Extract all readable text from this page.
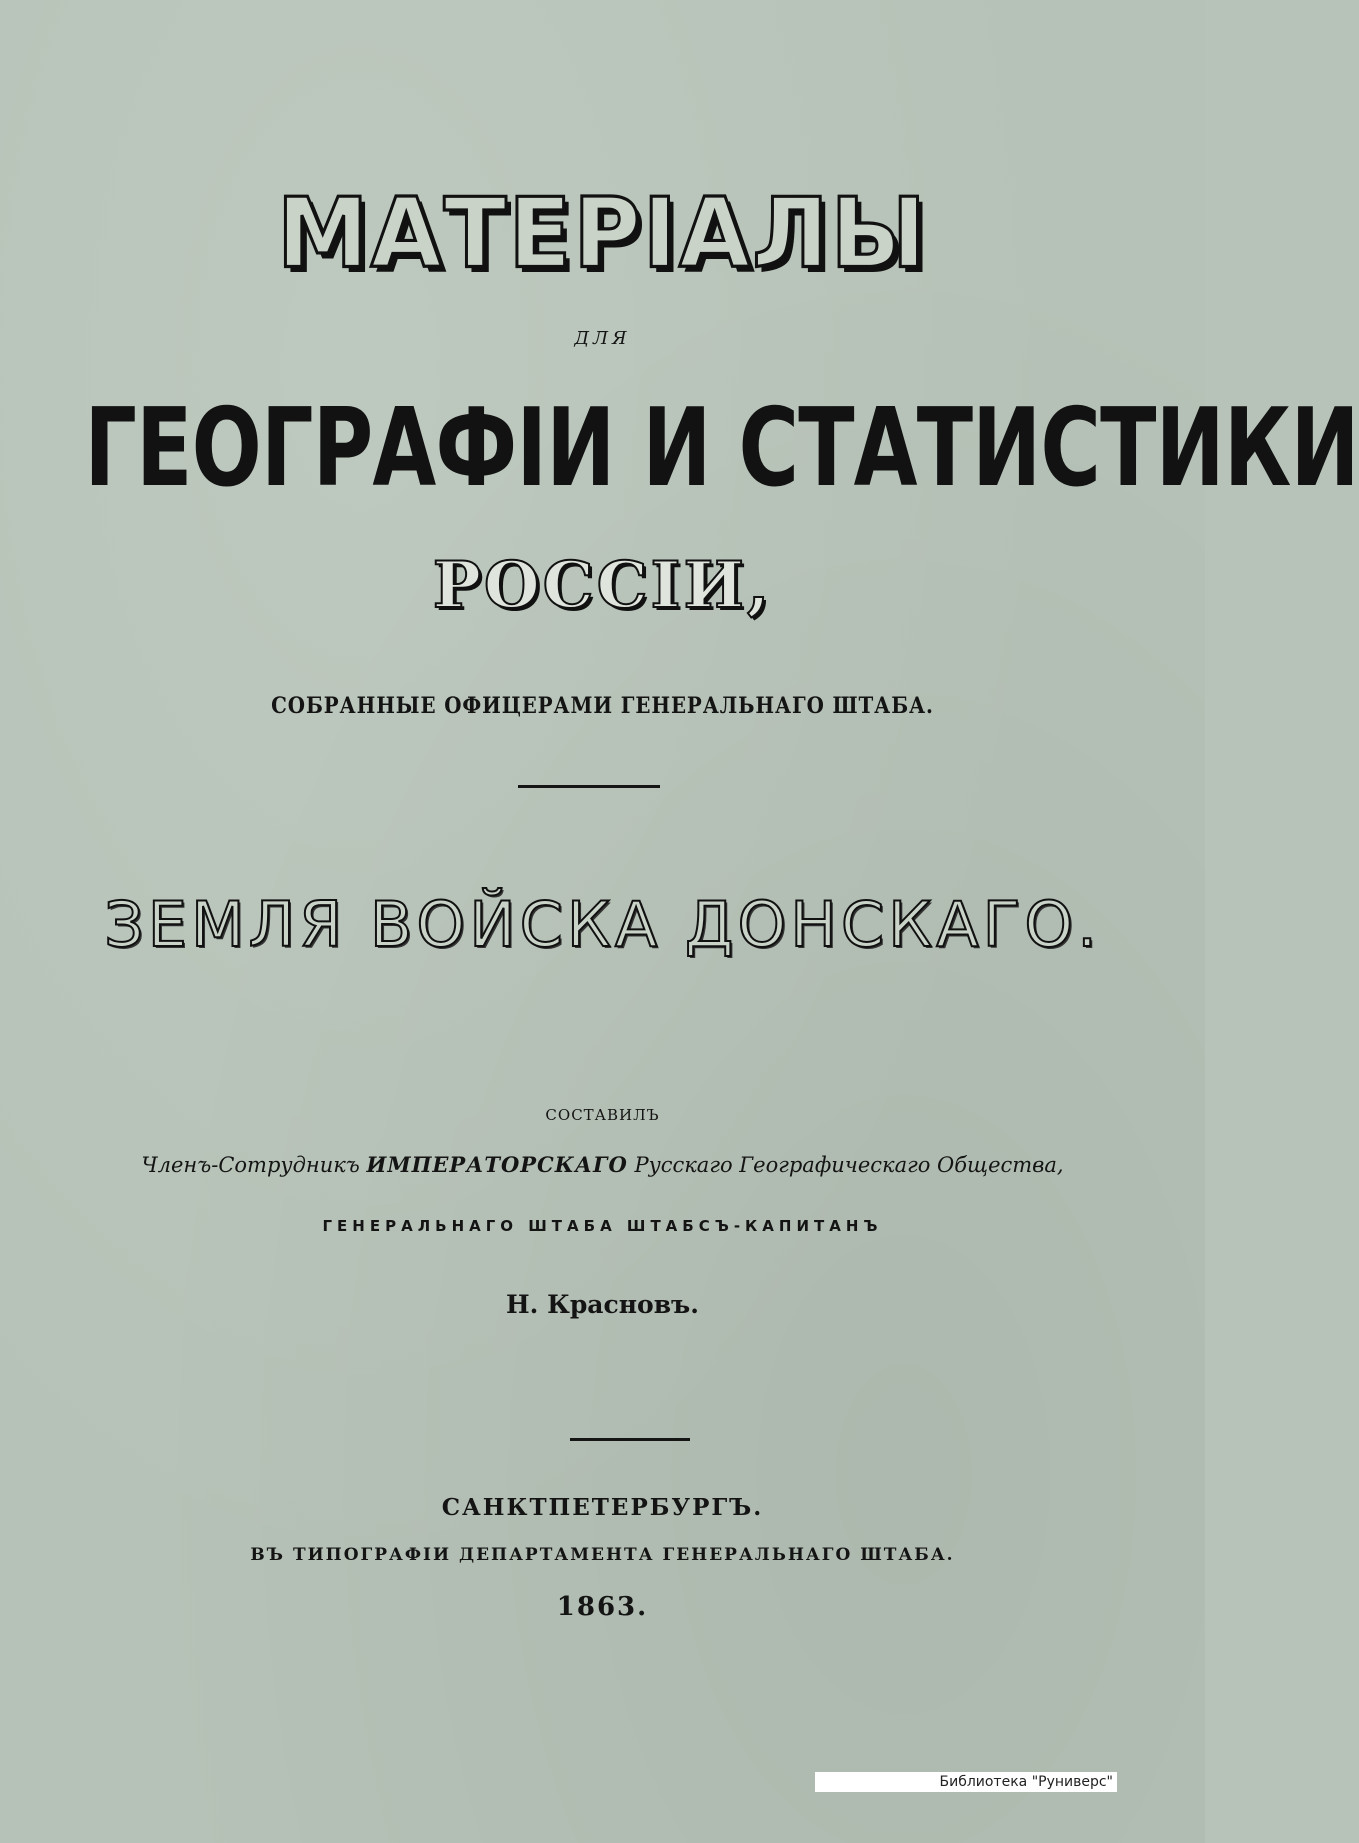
МАТЕРІАЛЫ
ДЛЯ
ГЕОГРАФІИ И СТАТИСТИКИ
РОССІИ,
СОБРАННЫЕ ОФИЦЕРАМИ ГЕНЕРАЛЬНАГО ШТАБА.
ЗЕМЛЯ ВОЙСКА ДОНСКАГО.
СОСТАВИЛЪ
Членъ-Сотрудникъ ИМПЕРАТОРСКАГО Русскаго Географическаго Общества,
ГЕНЕРАЛЬНАГО ШТАБА ШТАБСЪ-КАПИТАНЪ
Н. Красновъ.
САНКТПЕТЕРБУРГЪ.
ВЪ ТИПОГРАФІИ ДЕПАРТАМЕНТА ГЕНЕРАЛЬНАГО ШТАБА.
1863.
Библиотека "Руниверс"
